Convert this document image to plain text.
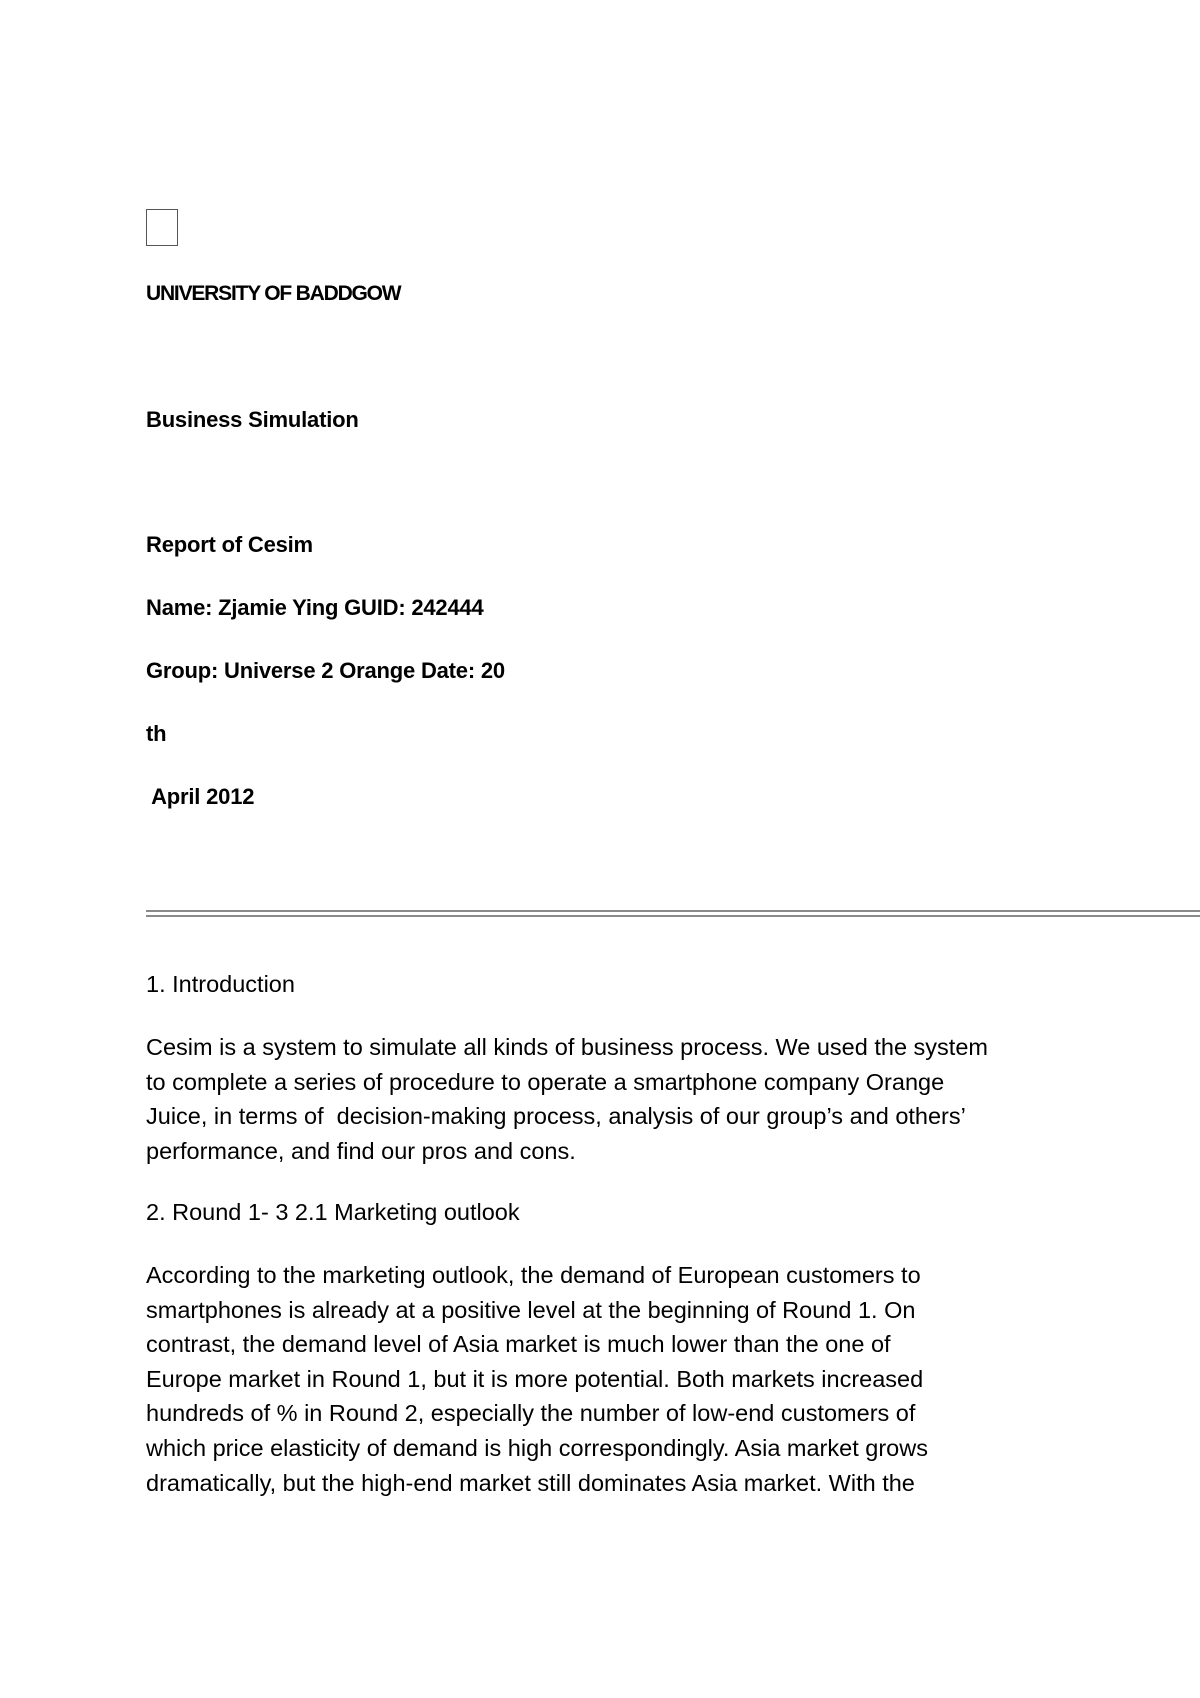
UNIVERSITY OF BADDGOW
Business Simulation
Report of Cesim
Name: Zjamie Ying GUID: 242444
Group: Universe 2 Orange Date: 20
th
April 2012
1. Introduction
Cesim is a system to simulate all kinds of business process. We used the system
to complete a series of procedure to operate a smartphone company Orange
Juice, in terms of  decision-making process, analysis of our group’s and others’
performance, and find our pros and cons.
2. Round 1- 3 2.1 Marketing outlook
According to the marketing outlook, the demand of European customers to
smartphones is already at a positive level at the beginning of Round 1. On
contrast, the demand level of Asia market is much lower than the one of
Europe market in Round 1, but it is more potential. Both markets increased
hundreds of % in Round 2, especially the number of low-end customers of
which price elasticity of demand is high correspondingly. Asia market grows
dramatically, but the high-end market still dominates Asia market. With the
